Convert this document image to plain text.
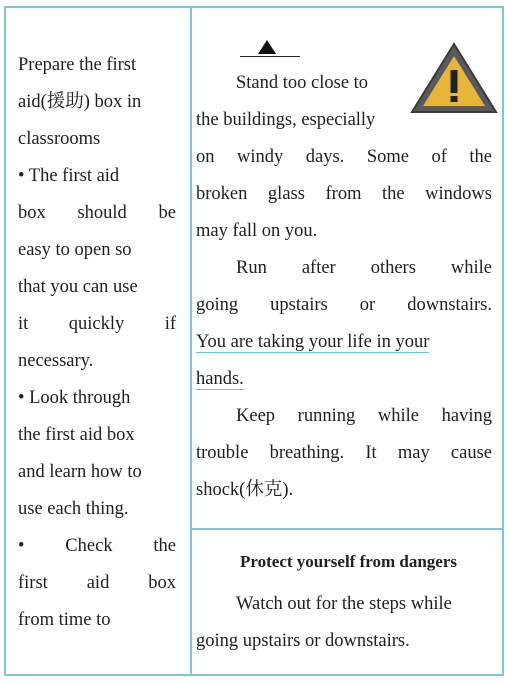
Prepare the first
aid(援助) box in
classrooms
• The first aid
box should be
easy to open so
that you can use
it quickly if
necessary.
• Look through
the first aid box
and learn how to
use each thing.
• Check the
first aid box
from time to
Stand too close to
the buildings, especially
on windy days. Some of the
broken glass from the windows
may fall on you.
Run after others while
going upstairs or downstairs.
You are taking your life in your
hands.
Keep running while having
trouble breathing. It may cause
shock(休克).
Protect yourself from dangers
Watch out for the steps while
going upstairs or downstairs.
